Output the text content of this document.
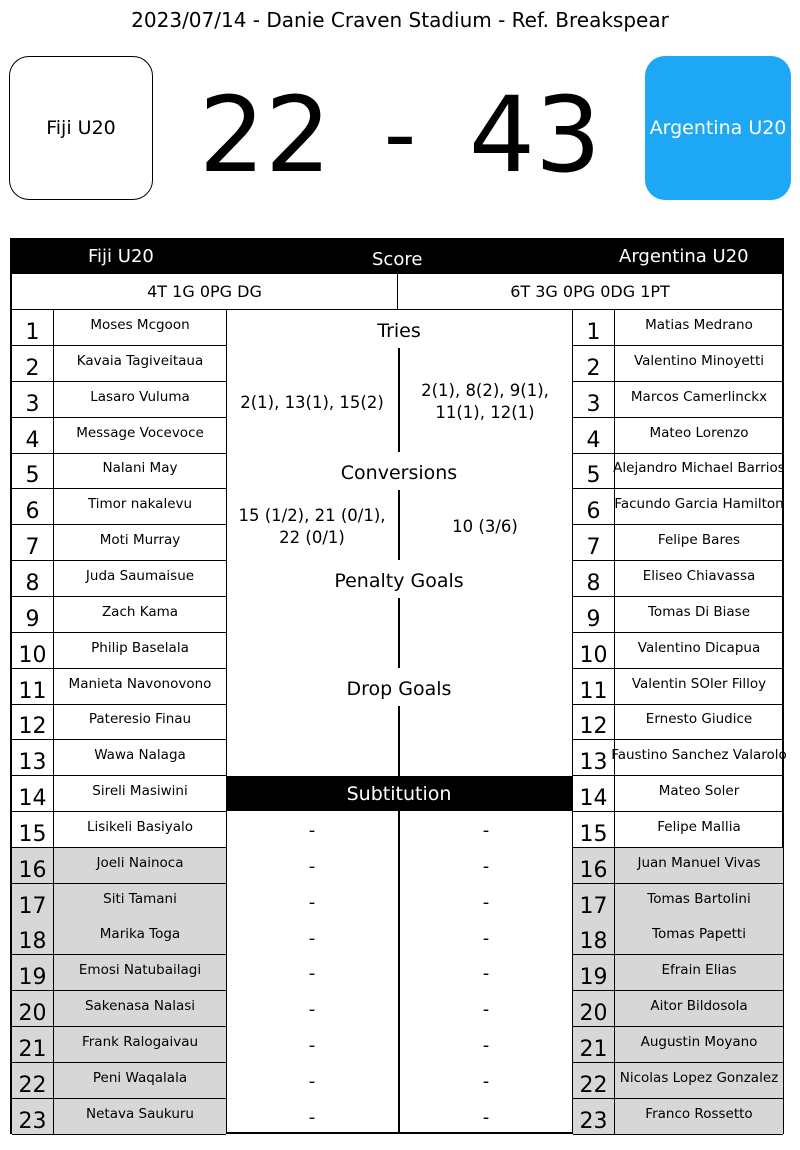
2023/07/14 - Danie Craven Stadium - Ref. Breakspear
Fiji U20 22 - 43	Argentina U20
Fiji U20	Score	Argentina U20
4T 1G 0PG DG	6T 3G 0PG 0DG 1PT
1	Moses Mcgoon
2	Kavaia Tagiveitaua
3	Lasaro Vuluma
4	Message Vocevoce
5	Nalani May
6	Timor nakalevu
7	Moti Murray
8	Juda Saumaisue
9	Zach Kama
10	Philip Baselala
11	Manieta Navonovono
12	Pateresio Finau
13	Wawa Nalaga
14	Sireli Masiwini
15	Lisikeli Basiyalo
16	Joeli Nainoca
17	Siti Tamani
18	Marika Toga
19	Emosi Natubailagi
20	Sakenasa Nalasi
21	Frank Ralogaivau
22	Peni Waqalala
23	Netava Saukuru
1	Matias Medrano
2	Valentino Minoyetti
3	Marcos Camerlinckx
4	Mateo Lorenzo
5 Alejandro Michael Barrios
6	Facundo Garcia Hamilton
7	Felipe Bares
8	Eliseo Chiavassa
9	Tomas Di Biase
10	Valentino Dicapua
11	Valentin SOler Filloy
12	Ernesto Giudice
13 Faustino Sanchez Valarolo
14	Mateo Soler
15	Felipe Mallia
16	Juan Manuel Vivas
17	Tomas Bartolini
18	Tomas Papetti
19	Efrain Elias
20	Aitor Bildosola
21	Augustin Moyano
22 Nicolas Lopez Gonzalez
23	Franco Rossetto
Tries
2(1), 13(1), 15(2)
2(1), 8(2), 9(1), 11(1), 12(1)
Conversions
15 (1/2), 21 (0/1), 22 (0/1)
10 (3/6)
Penalty Goals
Drop Goals
Subtitution
-	-
-	-
-	-
-	-
-	-
-	-
-	-
-	-
-	-
